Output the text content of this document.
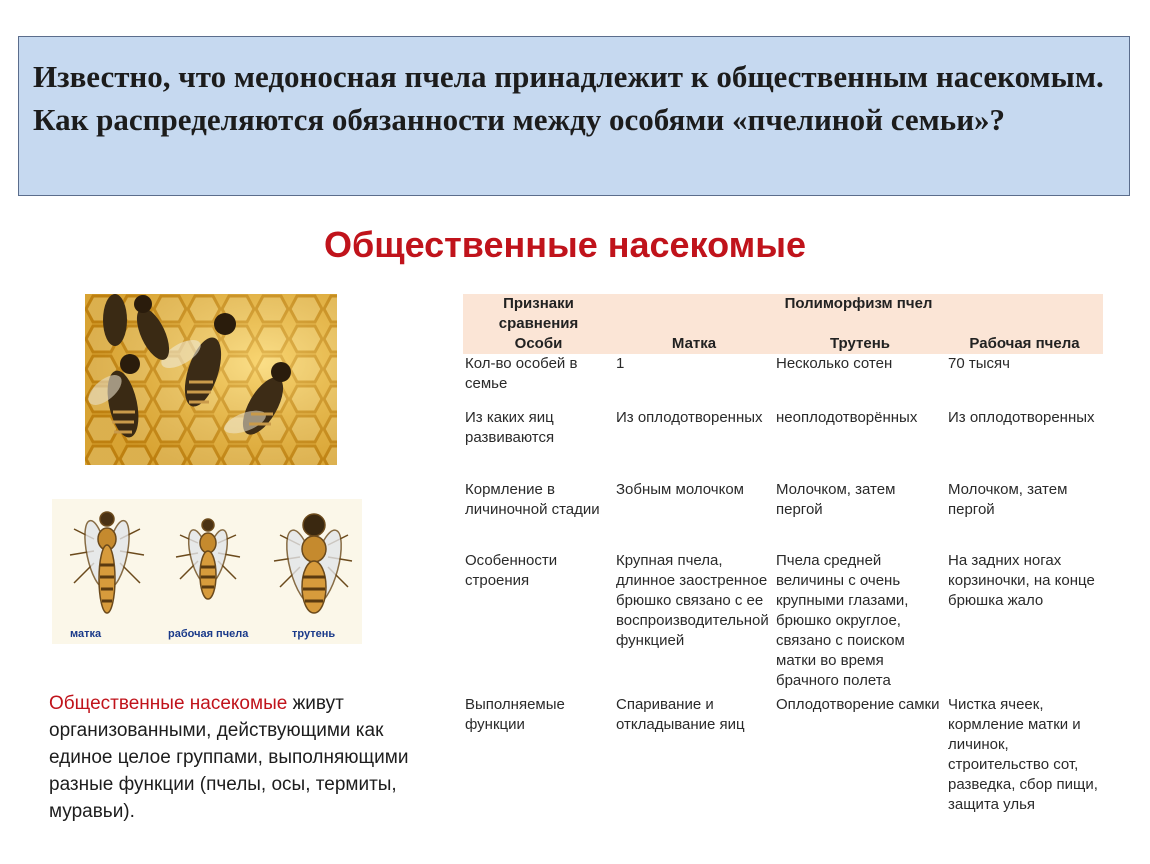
Известно, что медоносная пчела принадлежит к общественным насекомым. Как распределяются обязанности между особями «пчелиной семьи»?

Общественные насекомые
матка	рабочая пчела	трутень

Общественные насекомые живут организованными, действующими как единое целое группами, выполняющими разные функции (пчелы, осы, термиты, муравьи).

Признаки сравнения	Полиморфизм пчел		
Особи	Матка	Трутень	Рабочая пчела
Кол-во особей в семье	1	Несколько сотен	70 тысяч
Из каких яиц развиваются	Из оплодотворенных	неоплодотворённых	Из оплодотворенных
Кормление в личиночной стадии	Зобным молочком	Молочком, затем пергой	Молочком, затем пергой
Особенности строения	Крупная пчела, длинное заостренное брюшко связано с ее воспроизводительной функцией	Пчела средней величины с очень крупными глазами, брюшко округлое, связано с поиском матки во время брачного полета	На задних ногах корзиночки, на конце брюшка жало
Выполняемые функции	Спаривание и откладывание яиц	Оплодотворение самки	Чистка ячеек, кормление матки и личинок, строительство сот, разведка, сбор пищи, защита улья
